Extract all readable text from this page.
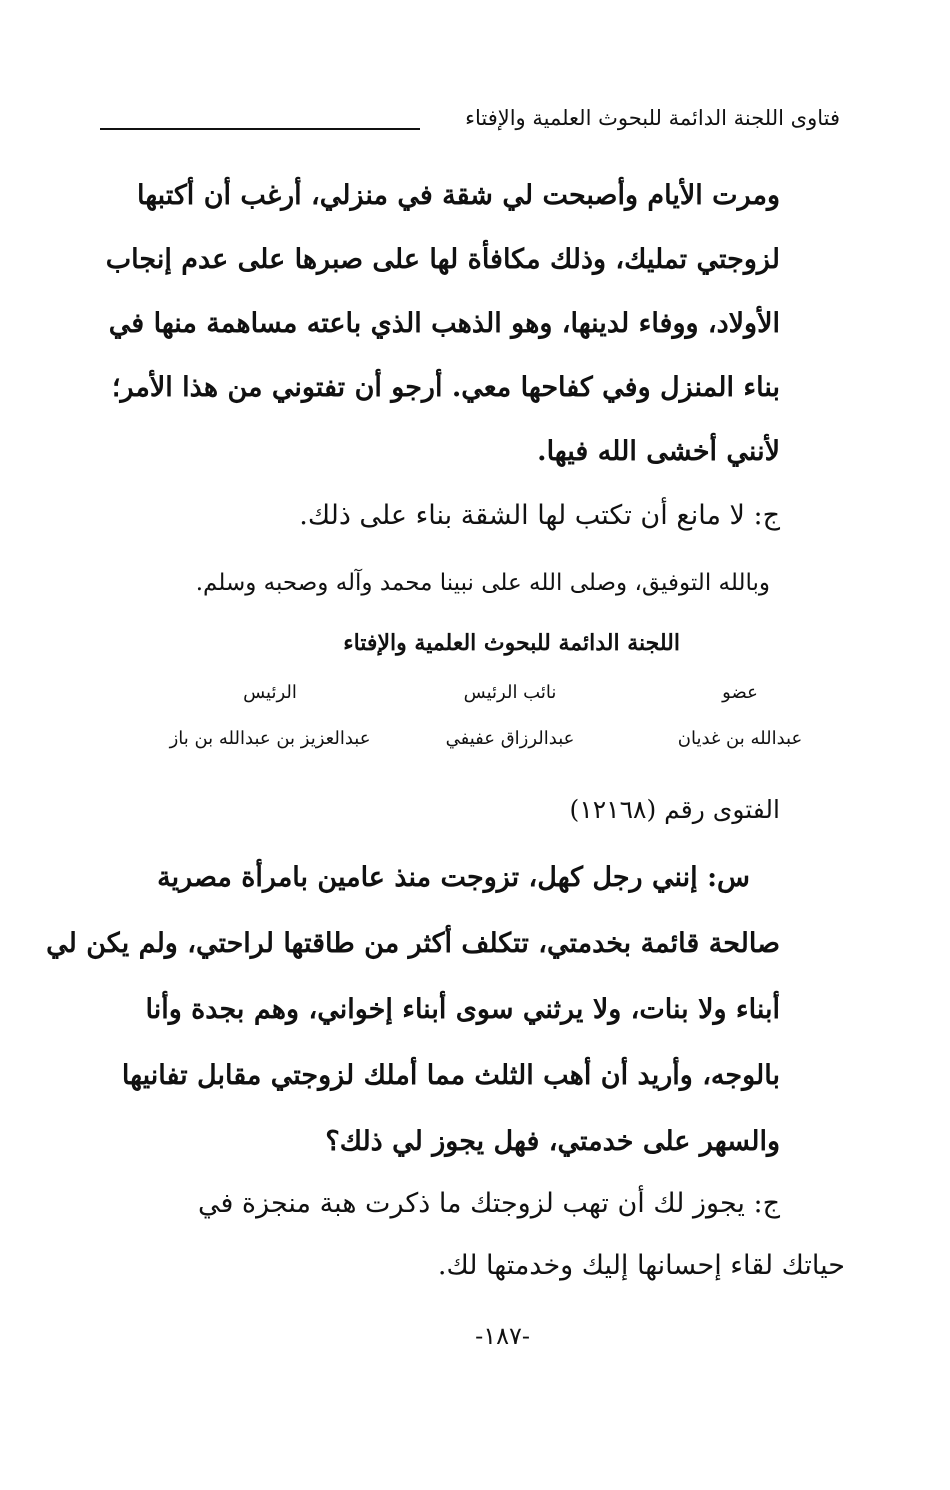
فتاوى اللجنة الدائمة للبحوث العلمية والإفتاء
ومرت الأيام وأصبحت لي شقة في منزلي، أرغب أن أكتبها
لزوجتي تمليك، وذلك مكافأة لها على صبرها على عدم إنجاب
الأولاد، ووفاء لدينها، وهو الذهب الذي باعته مساهمة منها في
بناء المنزل وفي كفاحها معي. أرجو أن تفتوني من هذا الأمر؛
لأنني أخشى الله فيها.
ج: لا مانع أن تكتب لها الشقة بناء على ذلك.
وبالله التوفيق، وصلى الله على نبينا محمد وآله وصحبه وسلم.
اللجنة الدائمة للبحوث العلمية والإفتاء
عضو
نائب الرئيس
الرئيس
عبدالله بن غديان
عبدالرزاق عفيفي
عبدالعزيز بن عبدالله بن باز
الفتوى رقم (١٢١٦٨)
س: إنني رجل كهل، تزوجت منذ عامين بامرأة مصرية
صالحة قائمة بخدمتي، تتكلف أكثر من طاقتها لراحتي، ولم يكن لي
أبناء ولا بنات، ولا يرثني سوى أبناء إخواني، وهم بجدة وأنا
بالوجه، وأريد أن أهب الثلث مما أملك لزوجتي مقابل تفانيها
والسهر على خدمتي، فهل يجوز لي ذلك؟
ج: يجوز لك أن تهب لزوجتك ما ذكرت هبة منجزة في
حياتك لقاء إحسانها إليك وخدمتها لك.
-١٨٧-
